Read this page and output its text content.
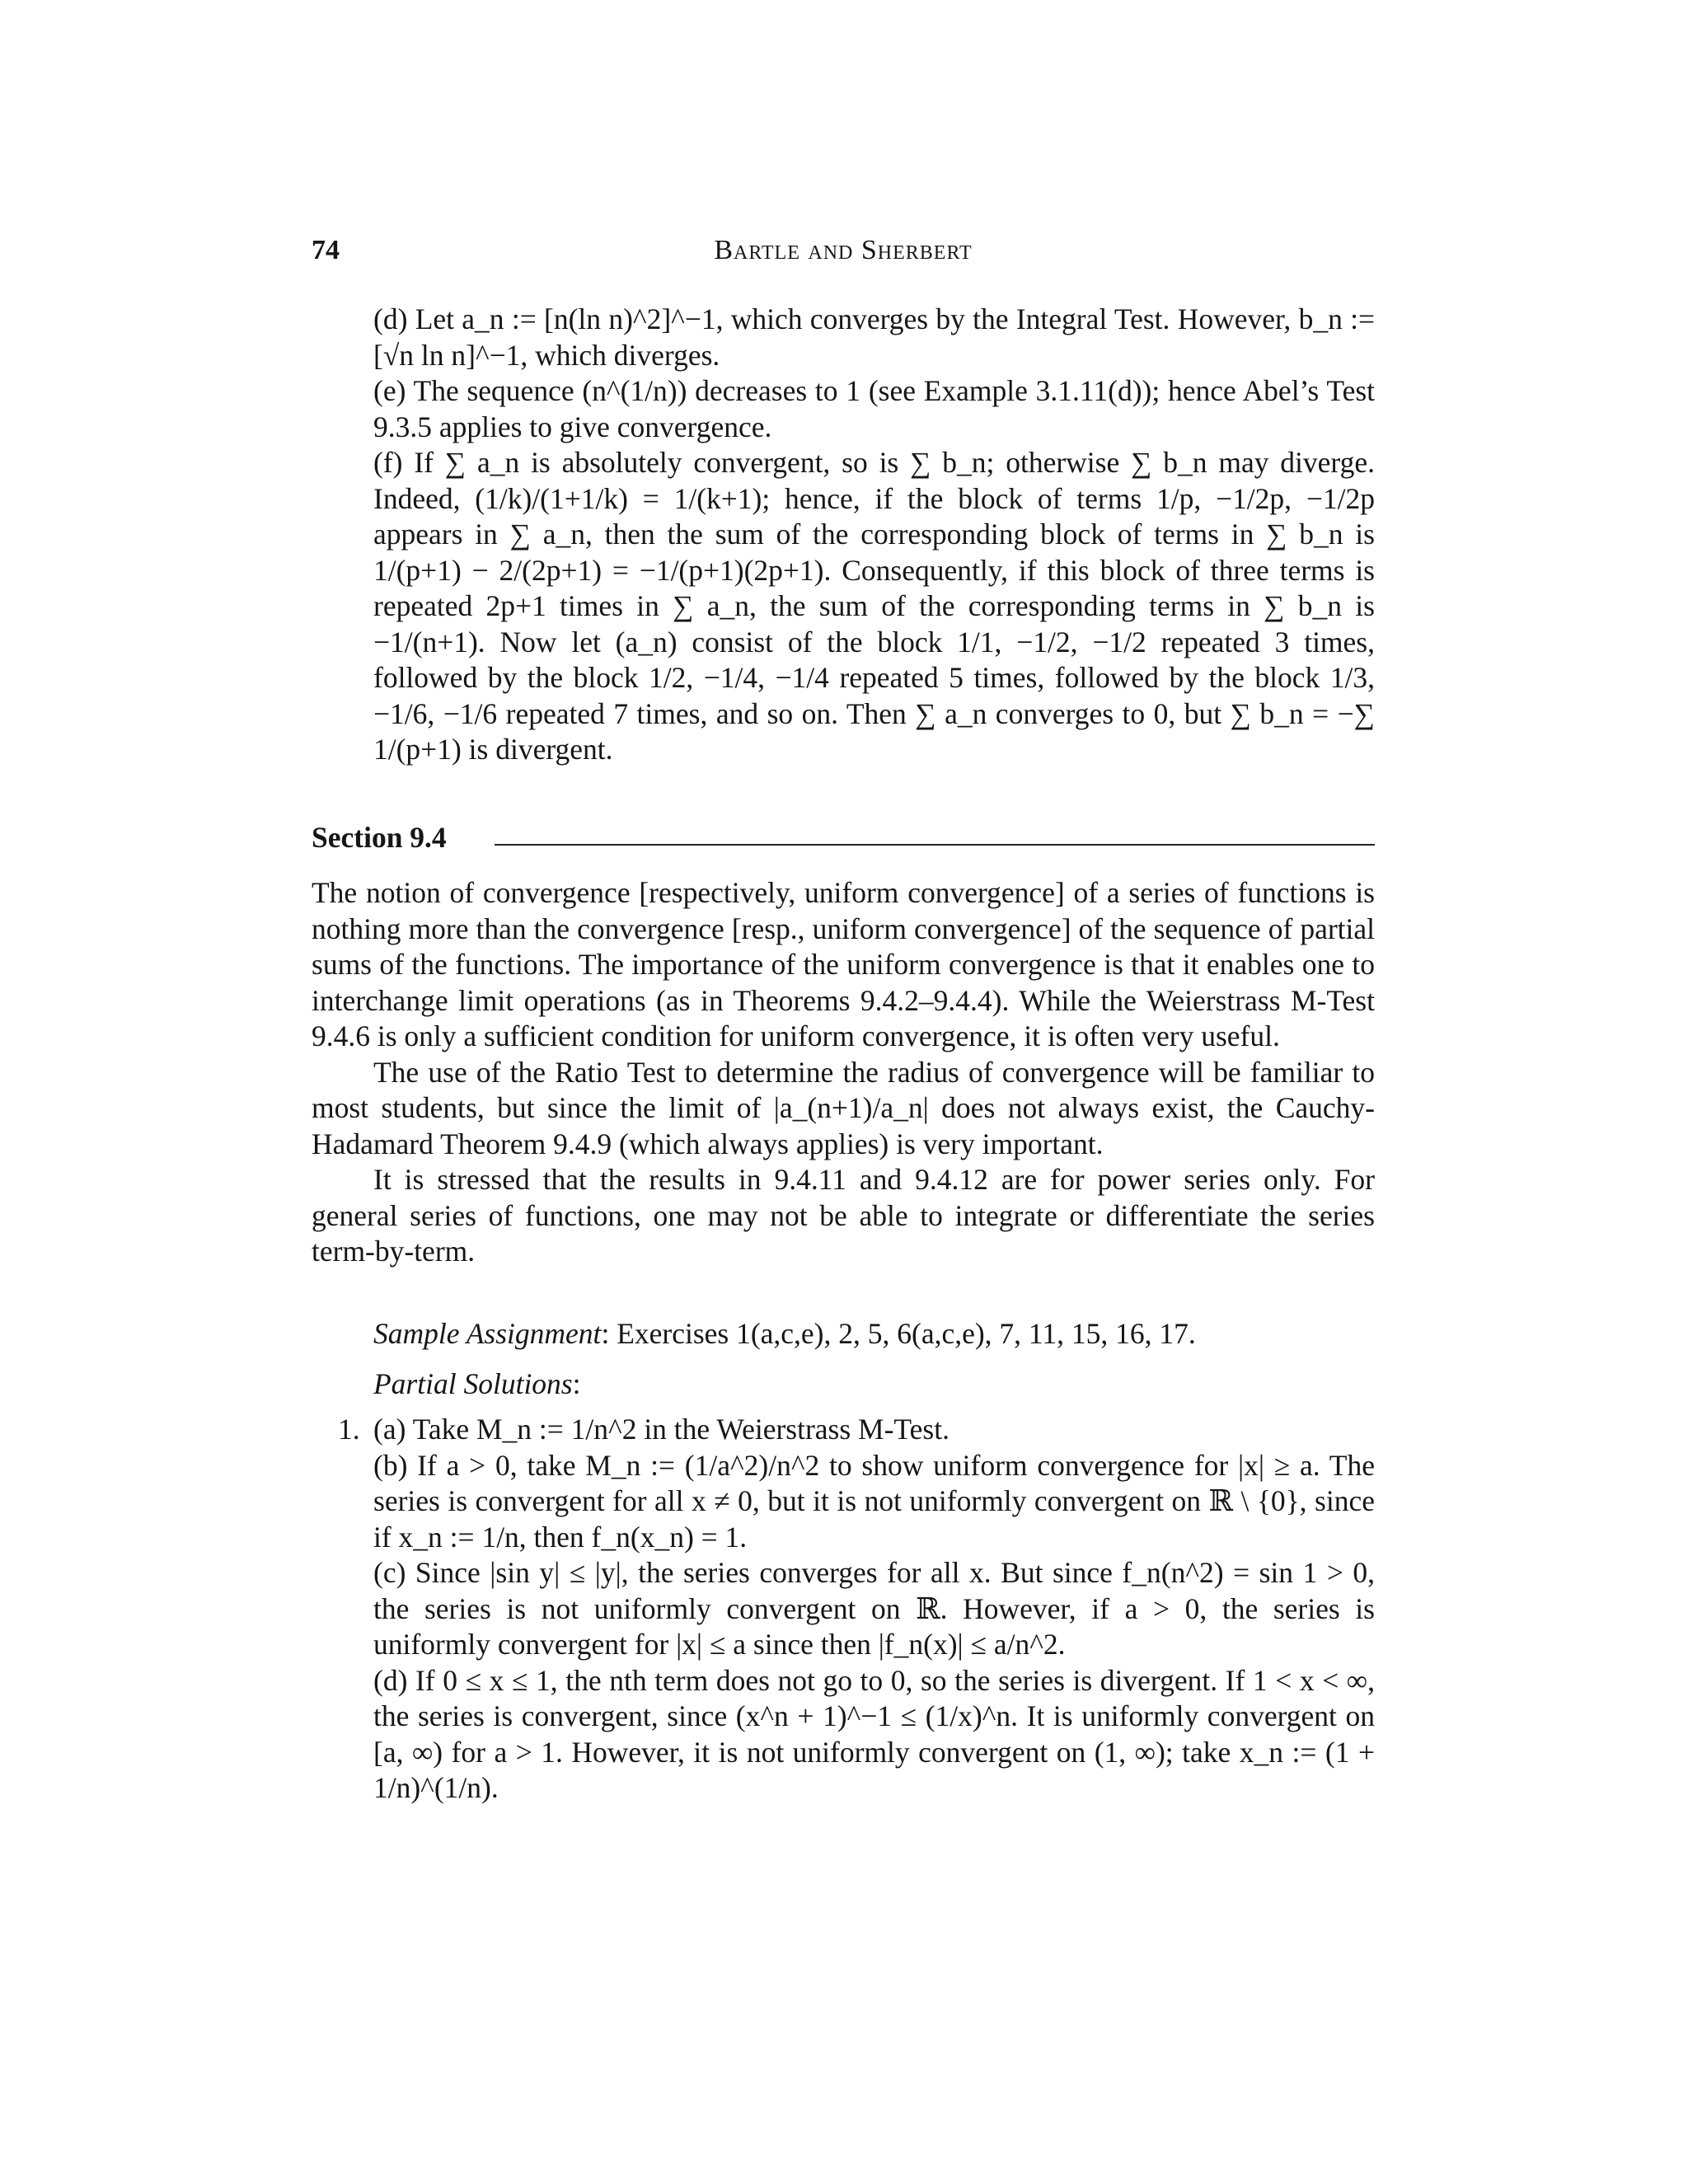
74	Bartle and Sherbert

(d) Let a_n := [n(ln n)^2]^−1, which converges by the Integral Test. However, b_n := [√n ln n]^−1, which diverges.

(e) The sequence (n^(1/n)) decreases to 1 (see Example 3.1.11(d)); hence Abel’s Test 9.3.5 applies to give convergence.

(f) If ∑ a_n is absolutely convergent, so is ∑ b_n; otherwise ∑ b_n may diverge. Indeed, (1/k)/(1+1/k) = 1/(k+1); hence, if the block of terms 1/p, −1/2p, −1/2p appears in ∑ a_n, then the sum of the corresponding block of terms in ∑ b_n is 1/(p+1) − 2/(2p+1) = −1/(p+1)(2p+1). Consequently, if this block of three terms is repeated 2p+1 times in ∑ a_n, the sum of the corresponding terms in ∑ b_n is −1/(n+1). Now let (a_n) consist of the block 1/1, −1/2, −1/2 repeated 3 times, followed by the block 1/2, −1/4, −1/4 repeated 5 times, followed by the block 1/3, −1/6, −1/6 repeated 7 times, and so on. Then ∑ a_n converges to 0, but ∑ b_n = −∑ 1/(p+1) is divergent.

Section 9.4

The notion of convergence [respectively, uniform convergence] of a series of functions is nothing more than the convergence [resp., uniform convergence] of the sequence of partial sums of the functions. The importance of the uniform convergence is that it enables one to interchange limit operations (as in Theorems 9.4.2–9.4.4). While the Weierstrass M-Test 9.4.6 is only a sufficient condition for uniform convergence, it is often very useful.

The use of the Ratio Test to determine the radius of convergence will be familiar to most students, but since the limit of |a_(n+1)/a_n| does not always exist, the Cauchy-Hadamard Theorem 9.4.9 (which always applies) is very important.

It is stressed that the results in 9.4.11 and 9.4.12 are for power series only. For general series of functions, one may not be able to integrate or differentiate the series term-by-term.

Sample Assignment: Exercises 1(a,c,e), 2, 5, 6(a,c,e), 7, 11, 15, 16, 17.
Partial Solutions:
1. (a) Take M_n := 1/n^2 in the Weierstrass M-Test.

(b) If a > 0, take M_n := (1/a^2)/n^2 to show uniform convergence for |x| ≥ a. The series is convergent for all x ≠ 0, but it is not uniformly convergent on ℝ \ {0}, since if x_n := 1/n, then f_n(x_n) = 1.

(c) Since |sin y| ≤ |y|, the series converges for all x. But since f_n(n^2) = sin 1 > 0, the series is not uniformly convergent on ℝ. However, if a > 0, the series is uniformly convergent for |x| ≤ a since then |f_n(x)| ≤ a/n^2.

(d) If 0 ≤ x ≤ 1, the nth term does not go to 0, so the series is divergent. If 1 < x < ∞, the series is convergent, since (x^n + 1)^−1 ≤ (1/x)^n. It is uniformly convergent on [a, ∞) for a > 1. However, it is not uniformly convergent on (1, ∞); take x_n := (1 + 1/n)^(1/n).
